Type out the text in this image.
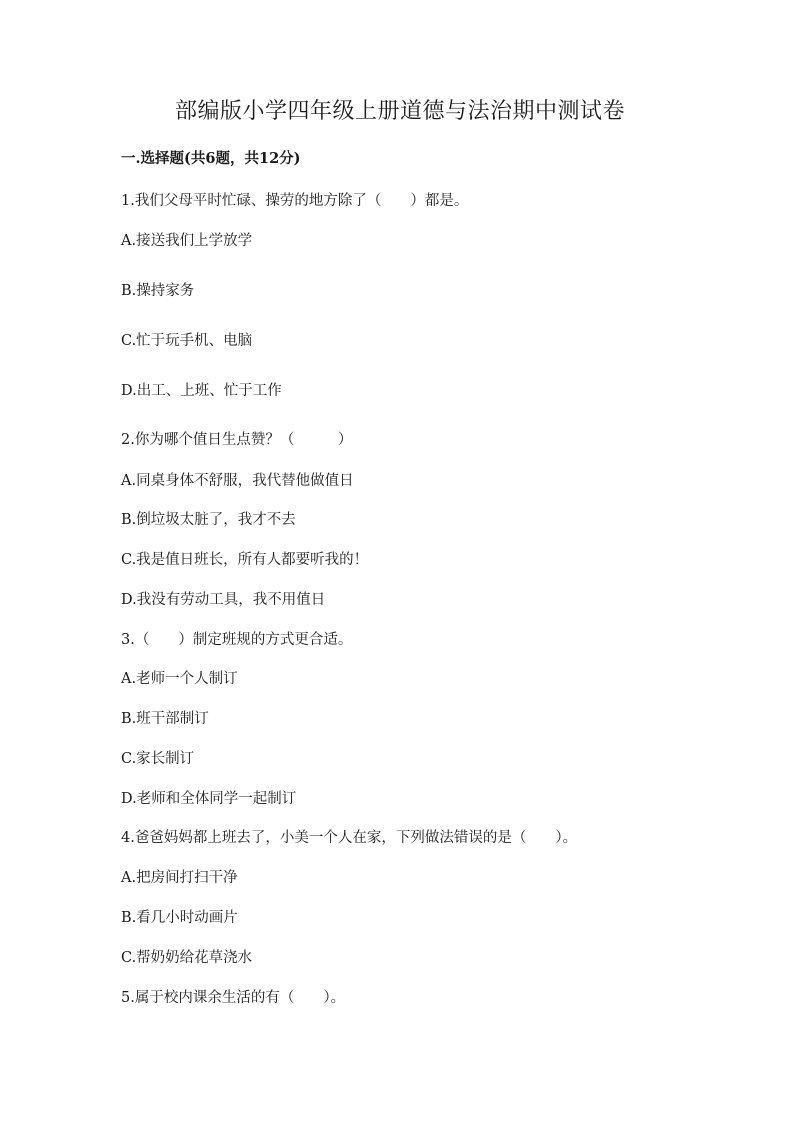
部编版小学四年级上册道德与法治期中测试卷
一.选择题(共6题，共12分)
1.我们父母平时忙碌、操劳的地方除了（　　）都是。
A.接送我们上学放学
B.操持家务
C.忙于玩手机、电脑
D.出工、上班、忙于工作
2.你为哪个值日生点赞？（　　　）
A.同桌身体不舒服，我代替他做值日
B.倒垃圾太脏了，我才不去
C.我是值日班长，所有人都要听我的！
D.我没有劳动工具，我不用值日
3.（　　）制定班规的方式更合适。
A.老师一个人制订
B.班干部制订
C.家长制订
D.老师和全体同学一起制订
4.爸爸妈妈都上班去了，小美一个人在家，下列做法错误的是（　　）。
A.把房间打扫干净
B.看几小时动画片
C.帮奶奶给花草浇水
5.属于校内课余生活的有（　　）。
